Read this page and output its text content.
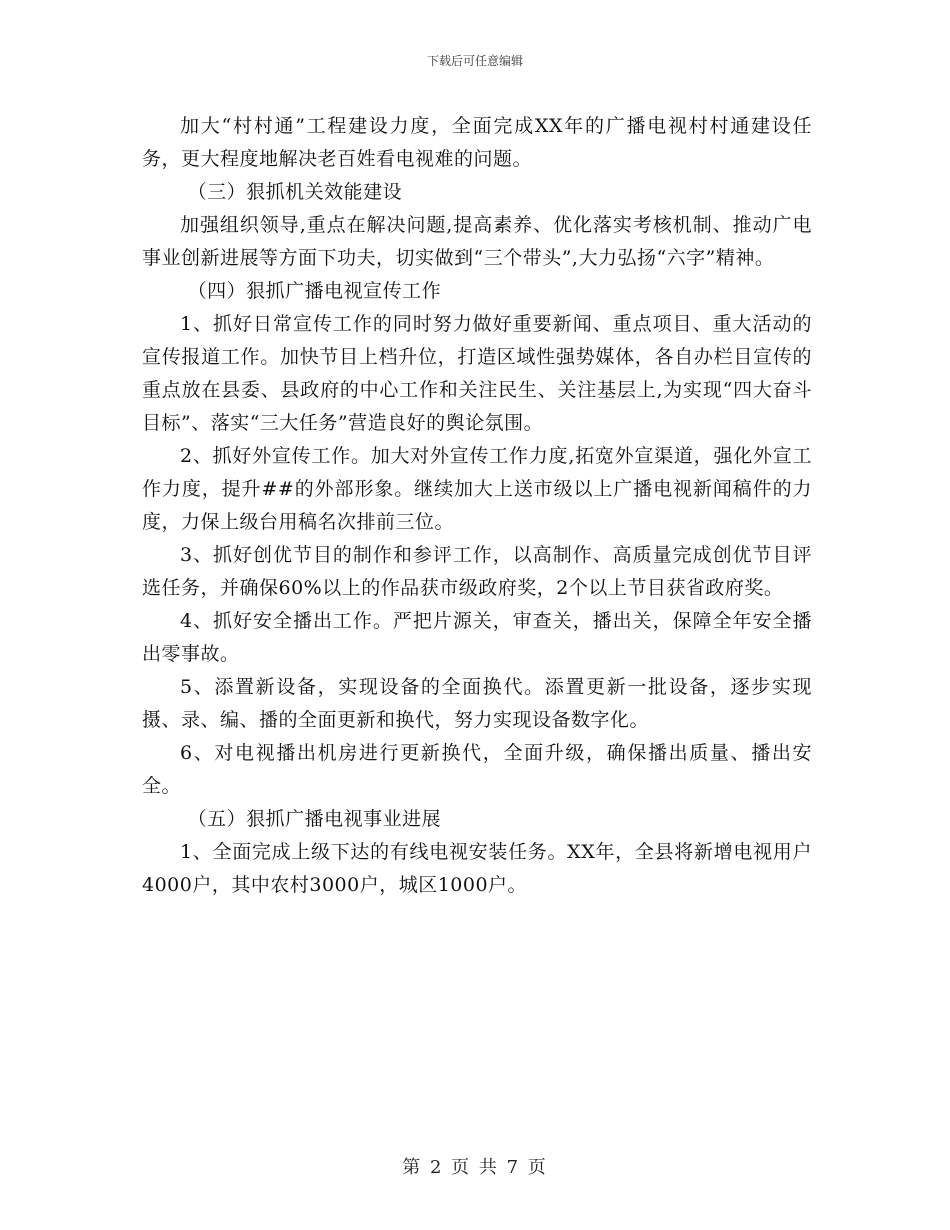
下载后可任意编辑

加大“村村通”工程建设力度，全面完成XX年的广播电视村村通建设任务，更大程度地解决老百姓看电视难的问题。

（三）狠抓机关效能建设

加强组织领导,重点在解决问题,提高素养、优化落实考核机制、推动广电事业创新进展等方面下功夫，切实做到“三个带头”,大力弘扬“六字”精神。

（四）狠抓广播电视宣传工作

1、抓好日常宣传工作的同时努力做好重要新闻、重点项目、重大活动的宣传报道工作。加快节目上档升位，打造区域性强势媒体，各自办栏目宣传的重点放在县委、县政府的中心工作和关注民生、关注基层上,为实现“四大奋斗目标”、落实“三大任务”营造良好的舆论氛围。

2、抓好外宣传工作。加大对外宣传工作力度,拓宽外宣渠道，强化外宣工作力度，提升##的外部形象。继续加大上送市级以上广播电视新闻稿件的力度，力保上级台用稿名次排前三位。

3、抓好创优节目的制作和参评工作，以高制作、高质量完成创优节目评选任务，并确保60%以上的作品获市级政府奖，2个以上节目获省政府奖。

4、抓好安全播出工作。严把片源关，审查关，播出关，保障全年安全播出零事故。

5、添置新设备，实现设备的全面换代。添置更新一批设备，逐步实现摄、录、编、播的全面更新和换代，努力实现设备数字化。

6、对电视播出机房进行更新换代，全面升级，确保播出质量、播出安全。

（五）狠抓广播电视事业进展

1、全面完成上级下达的有线电视安装任务。XX年，全县将新增电视用户4000户，其中农村3000户，城区1000户。

第 2 页 共 7 页
